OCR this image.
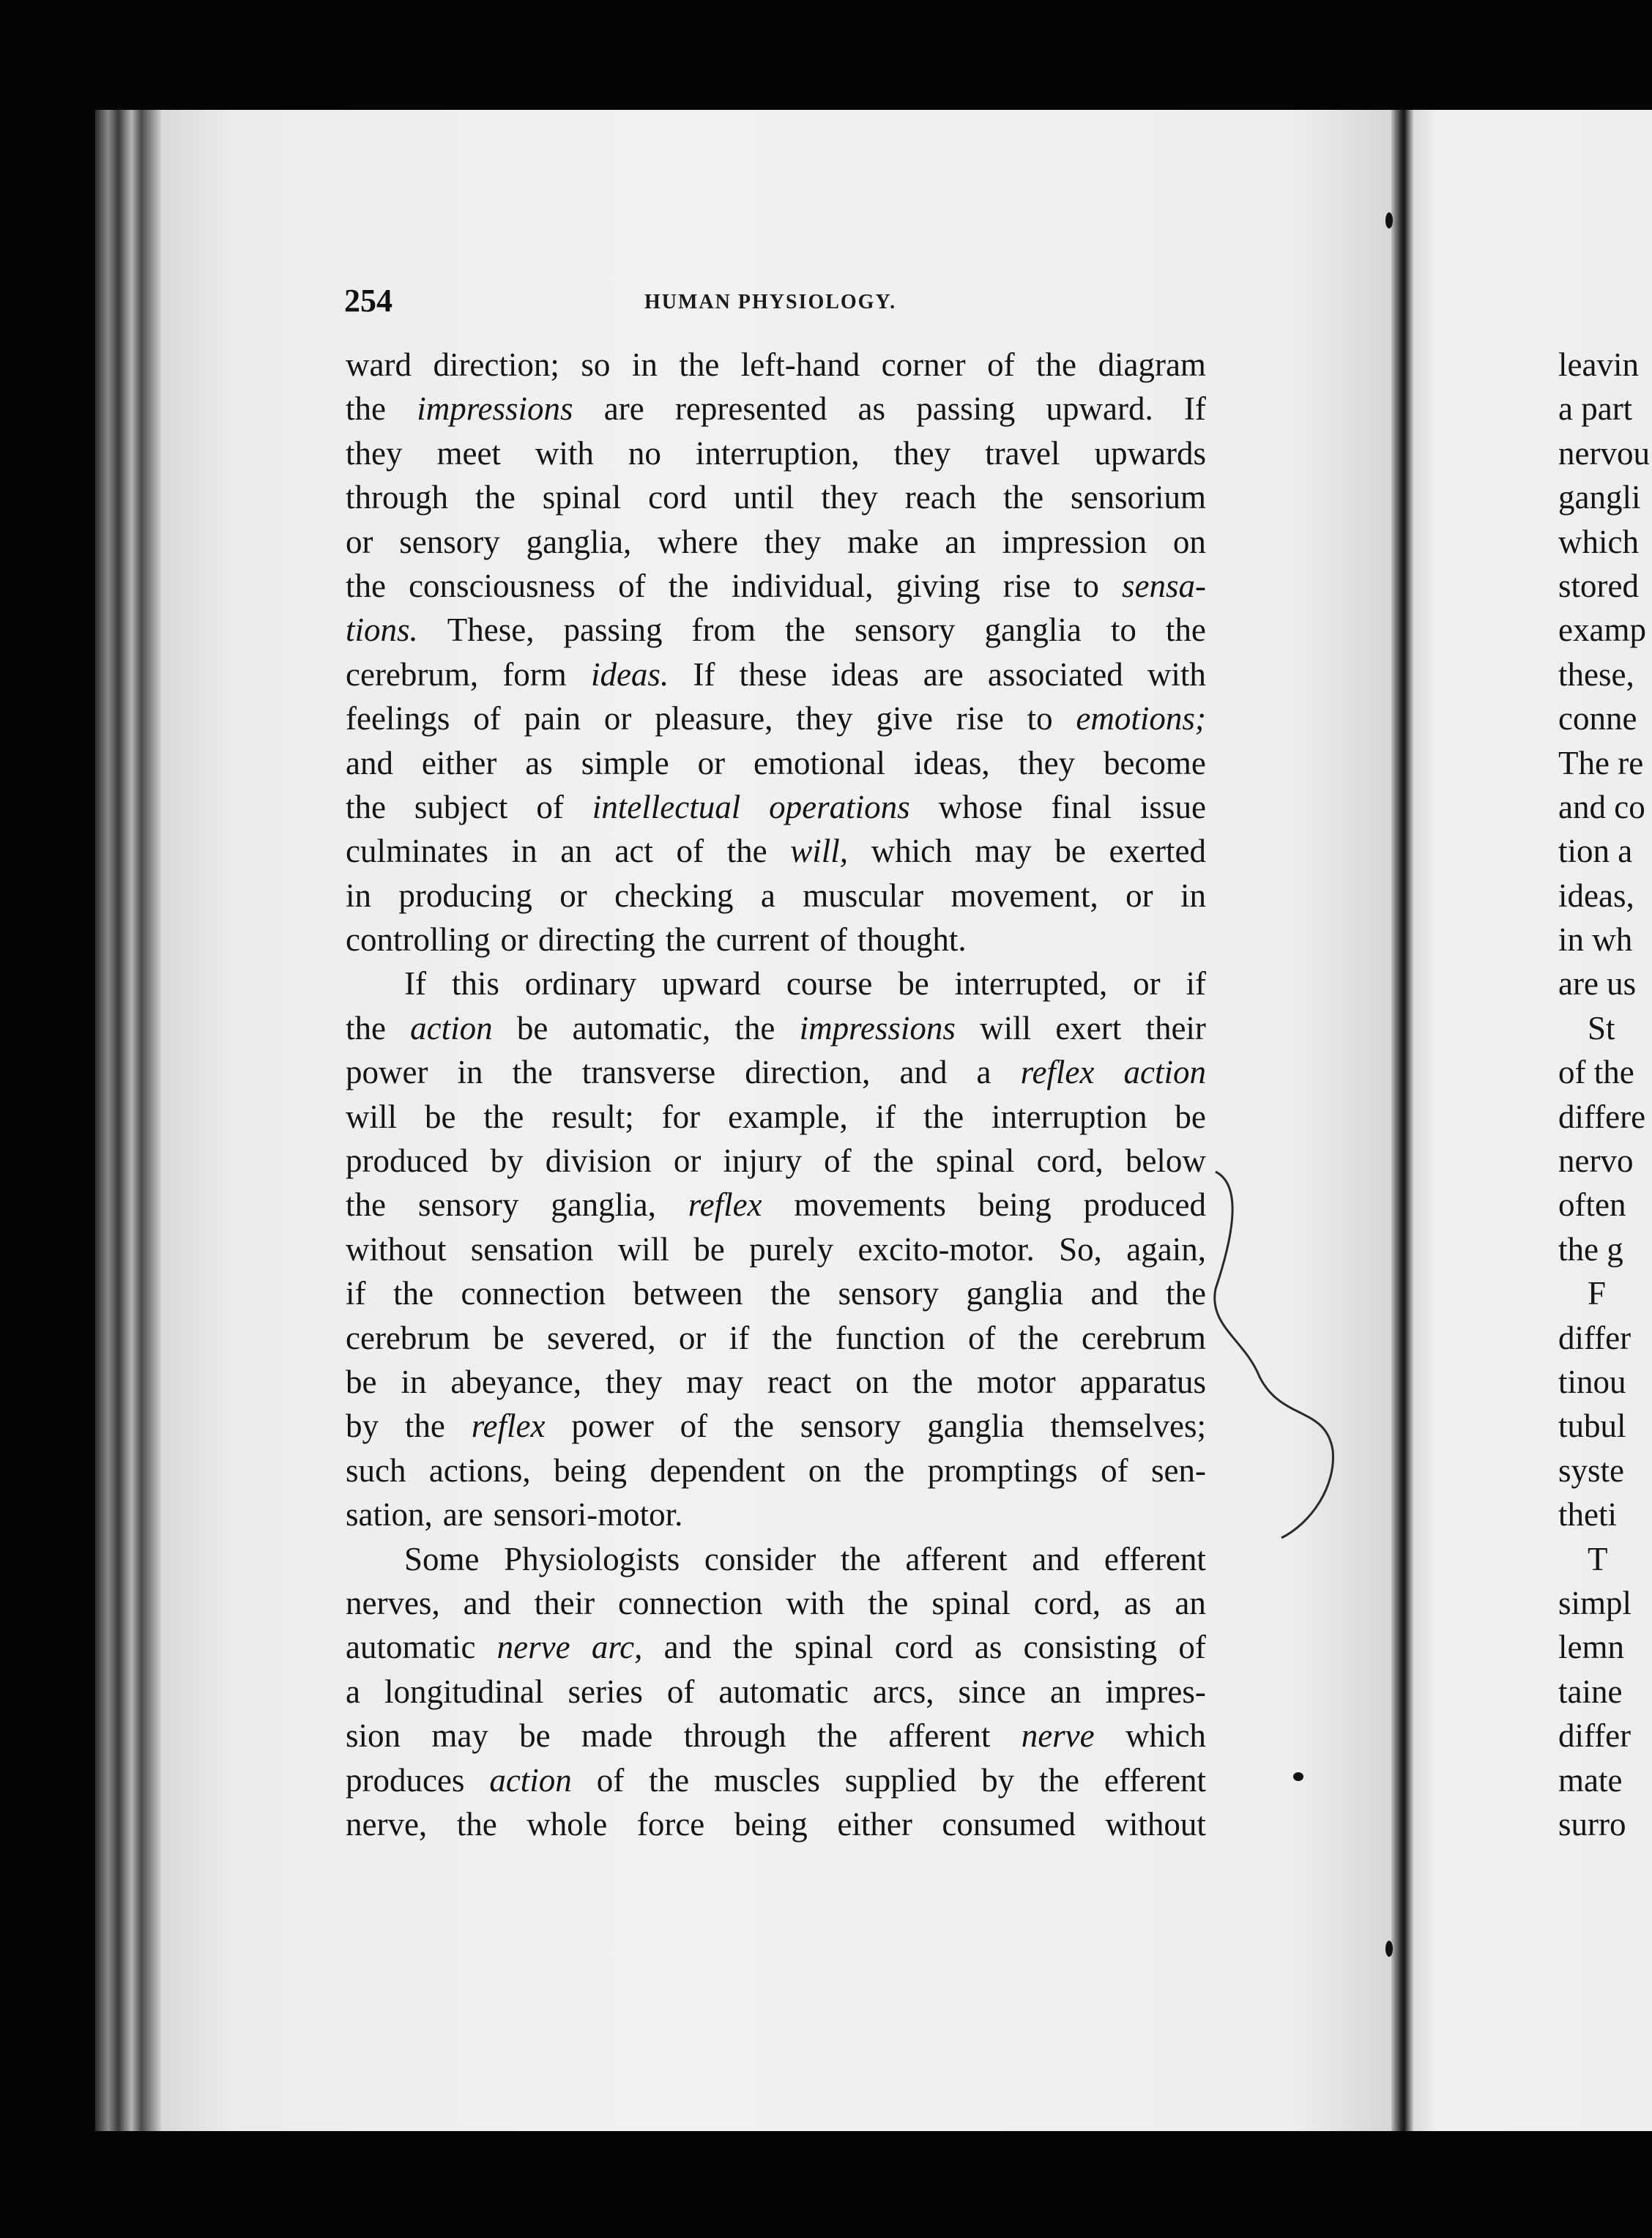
254	HUMAN PHYSIOLOGY.
ward direction; so in the left-hand corner of the diagram
the impressions are represented as passing upward. If
they meet with no interruption, they travel upwards
through the spinal cord until they reach the sensorium
or sensory ganglia, where they make an impression on
the consciousness of the individual, giving rise to sensa-
tions. These, passing from the sensory ganglia to the
cerebrum, form ideas. If these ideas are associated with
feelings of pain or pleasure, they give rise to emotions;
and either as simple or emotional ideas, they become
the subject of intellectual operations whose final issue
culminates in an act of the will, which may be exerted
in producing or checking a muscular movement, or in
controlling or directing the current of thought.
If this ordinary upward course be interrupted, or if
the action be automatic, the impressions will exert their
power in the transverse direction, and a reflex action
will be the result; for example, if the interruption be
produced by division or injury of the spinal cord, below
the sensory ganglia, reflex movements being produced
without sensation will be purely excito-motor. So, again,
if the connection between the sensory ganglia and the
cerebrum be severed, or if the function of the cerebrum
be in abeyance, they may react on the motor apparatus
by the reflex power of the sensory ganglia themselves;
such actions, being dependent on the promptings of sen-
sation, are sensori-motor.
Some Physiologists consider the afferent and efferent
nerves, and their connection with the spinal cord, as an
automatic nerve arc, and the spinal cord as consisting of
a longitudinal series of automatic arcs, since an impres-
sion may be made through the afferent nerve which
produces action of the muscles supplied by the efferent
nerve, the whole force being either consumed without
leavin
a part
nervou
gangli
which
stored
examp
these,
conne
The re
and co
tion a
ideas,
in wh
are us
St
of the
differe
nervo
often
the g
F
differ
tinou
tubul
syste
theti
T
simpl
lemn
taine
differ
mate
surro
